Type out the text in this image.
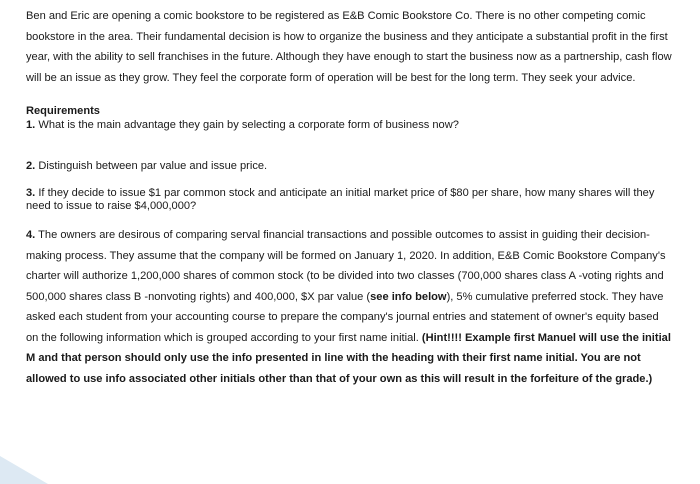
Ben and Eric are opening a comic bookstore to be registered as E&B Comic Bookstore Co. There is no other competing comic bookstore in the area. Their fundamental decision is how to organize the business and they anticipate a substantial profit in the first year, with the ability to sell franchises in the future. Although they have enough to start the business now as a partnership, cash flow will be an issue as they grow. They feel the corporate form of operation will be best for the long term. They seek your advice.

Requirements

1. What is the main advantage they gain by selecting a corporate form of business now?

2. Distinguish between par value and issue price.

3. If they decide to issue $1 par common stock and anticipate an initial market price of $80 per share, how many shares will they need to issue to raise $4,000,000?

4. The owners are desirous of comparing serval financial transactions and possible outcomes to assist in guiding their decision-making process. They assume that the company will be formed on January 1, 2020. In addition, E&B Comic Bookstore Company's charter will authorize 1,200,000 shares of common stock (to be divided into two classes (700,000 shares class A -voting rights and 500,000 shares class B -nonvoting rights) and 400,000, $X par value (see info below), 5% cumulative preferred stock. They have asked each student from your accounting course to prepare the company's journal entries and statement of owner's equity based on the following information which is grouped according to your first name initial. (Hint!!!! Example first Manuel will use the initial M and that person should only use the info presented in line with the heading with their first name initial. You are not allowed to use info associated other initials other than that of your own as this will result in the forfeiture of the grade.)
